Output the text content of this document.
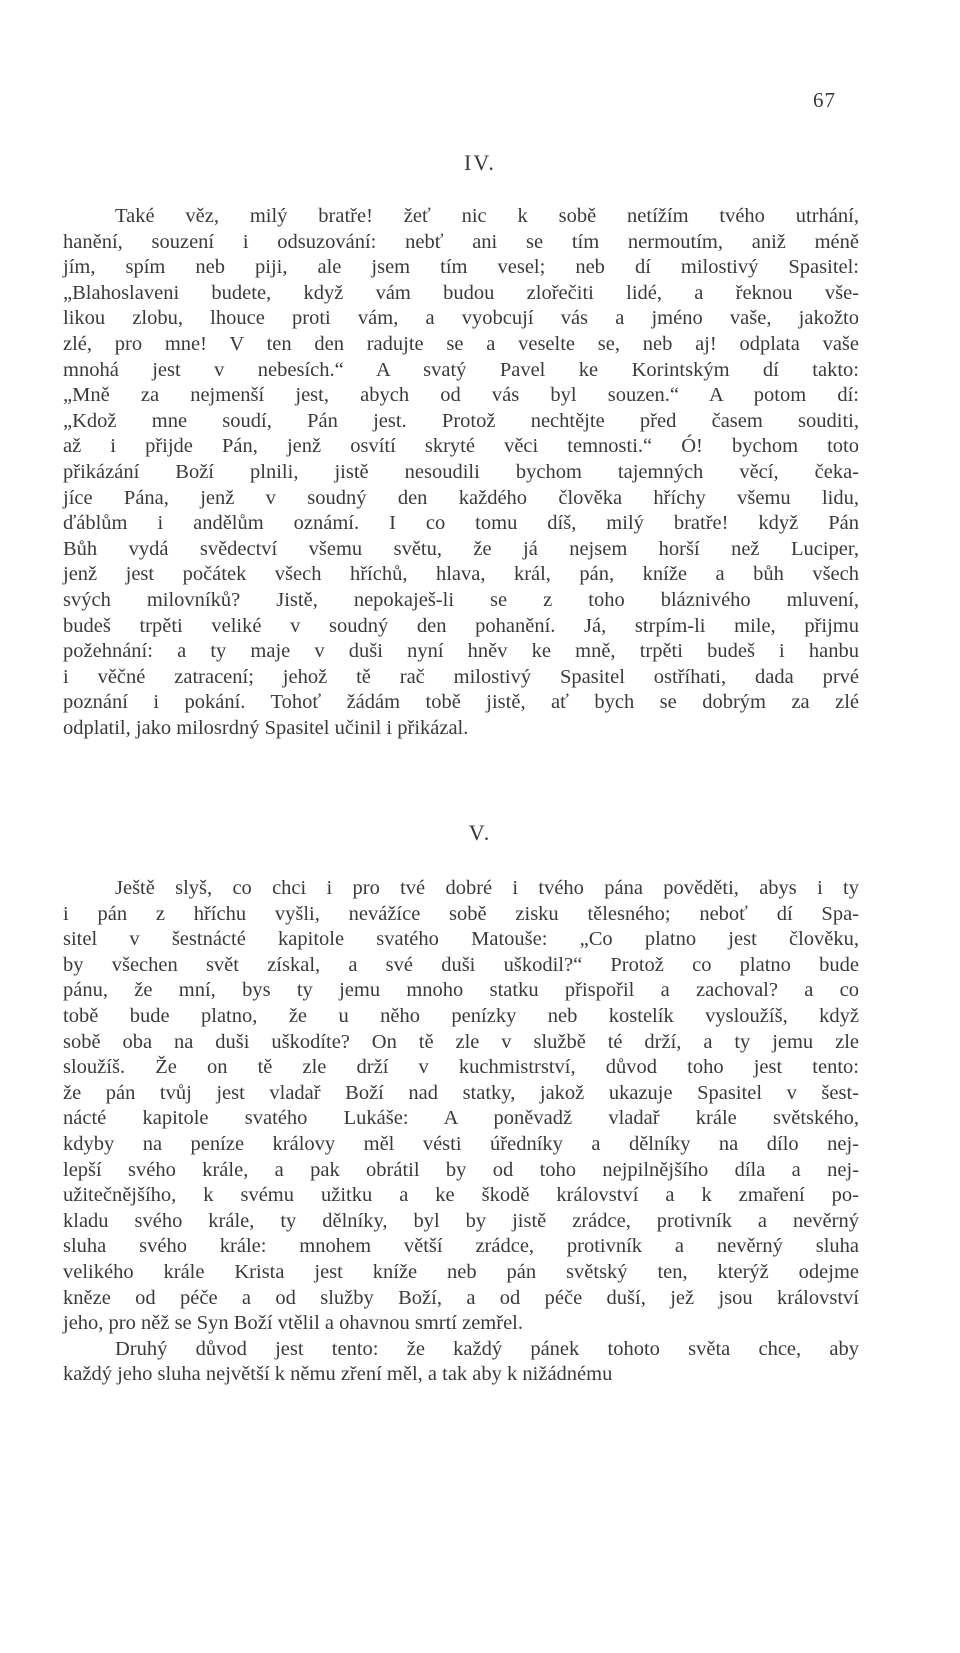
67
IV.
Také věz, milý bratře! žeť nic k sobě netížím tvého utrhání,
hanění, souzení i odsuzování: nebť ani se tím nermoutím, aniž méně
jím, spím neb piji, ale jsem tím vesel; neb dí milostivý Spasitel:
„Blahoslaveni budete, když vám budou zlořečiti lidé, a řeknou vše-
likou zlobu, lhouce proti vám, a vyobcují vás a jméno vaše, jakožto
zlé, pro mne! V ten den radujte se a veselte se, neb aj! odplata vaše
mnohá jest v nebesích.“ A svatý Pavel ke Korintským dí takto:
„Mně za nejmenší jest, abych od vás byl souzen.“ A potom dí:
„Kdož mne soudí, Pán jest. Protož nechtějte před časem souditi,
až i přijde Pán, jenž osvítí skryté věci temnosti.“ Ó! bychom toto
přikázání Boží plnili, jistě nesoudili bychom tajemných věcí, čeka-
jíce Pána, jenž v soudný den každého člověka hříchy všemu lidu,
ďáblům i andělům oznámí. I co tomu díš, milý bratře! když Pán
Bůh vydá svědectví všemu světu, že já nejsem horší než Luciper,
jenž jest počátek všech hříchů, hlava, král, pán, kníže a bůh všech
svých milovníků? Jistě, nepokaješ-li se z toho bláznivého mluvení,
budeš trpěti veliké v soudný den pohanění. Já, strpím-li mile, přijmu
požehnání: a ty maje v duši nyní hněv ke mně, trpěti budeš i hanbu
i věčné zatracení; jehož tě rač milostivý Spasitel ostříhati, dada prvé
poznání i pokání. Tohoť žádám tobě jistě, ať bych se dobrým za zlé
odplatil, jako milosrdný Spasitel učinil i přikázal.
V.
Ještě slyš, co chci i pro tvé dobré i tvého pána pověděti, abys i ty
i pán z hříchu vyšli, nevážíce sobě zisku tělesného; neboť dí Spa-
sitel v šestnácté kapitole svatého Matouše: „Co platno jest člověku,
by všechen svět získal, a své duši uškodil?“ Protož co platno bude
pánu, že mní, bys ty jemu mnoho statku přispořil a zachoval? a co
tobě bude platno, že u něho penízky neb kostelík vysloužíš, když
sobě oba na duši uškodíte? On tě zle v službě té drží, a ty jemu zle
sloužíš. Že on tě zle drží v kuchmistrství, důvod toho jest tento:
že pán tvůj jest vladař Boží nad statky, jakož ukazuje Spasitel v šest-
nácté kapitole svatého Lukáše: A poněvadž vladař krále světského,
kdyby na peníze královy měl vésti úředníky a dělníky na dílo nej-
lepší svého krále, a pak obrátil by od toho nejpilnějšího díla a nej-
užitečnějšího, k svému užitku a ke škodě království a k zmaření po-
kladu svého krále, ty dělníky, byl by jistě zrádce, protivník a nevěrný
sluha svého krále: mnohem větší zrádce, protivník a nevěrný sluha
velikého krále Krista jest kníže neb pán světský ten, kterýž odejme
kněze od péče a od služby Boží, a od péče duší, jež jsou království
jeho, pro něž se Syn Boží vtělil a ohavnou smrtí zemřel.
Druhý důvod jest tento: že každý pánek tohoto světa chce, aby
každý jeho sluha největší k němu zření měl, a tak aby k nižádnému
